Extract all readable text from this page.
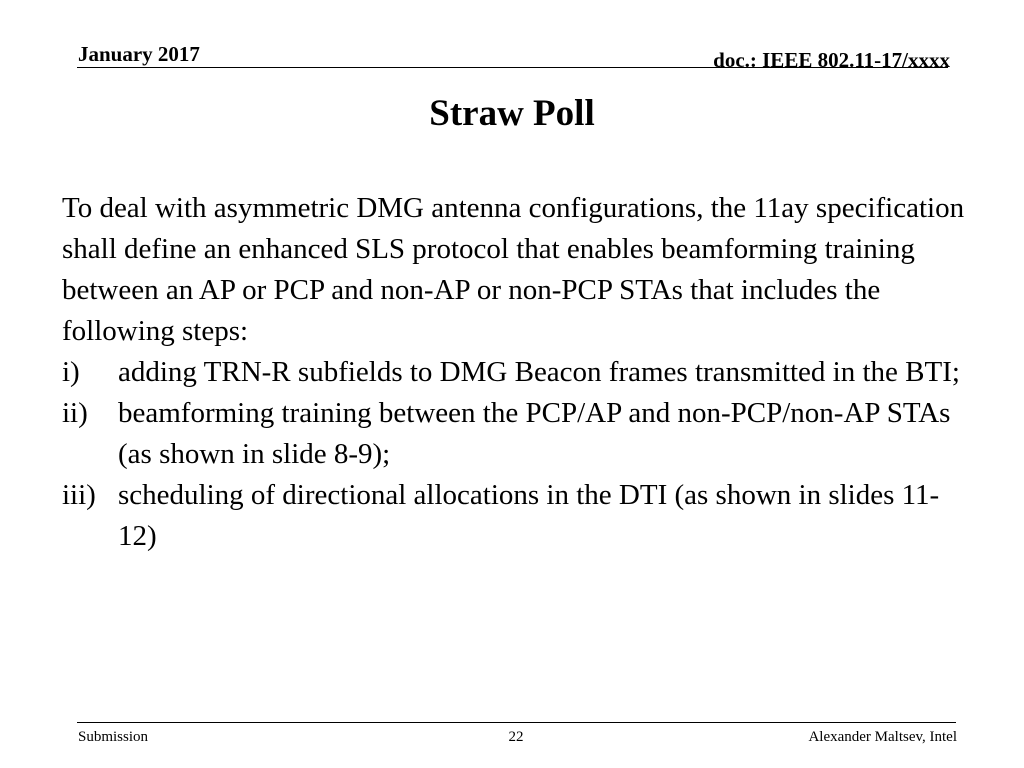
January 2017	doc.: IEEE 802.11-17/xxxx
Straw Poll

To deal with asymmetric DMG antenna configurations, the 11ay specification shall define an enhanced SLS protocol that enables beamforming training between an AP or PCP and non-AP or non-PCP STAs that includes the following steps:

i) adding TRN-R subfields to DMG Beacon frames transmitted in the BTI;
ii) beamforming training between the PCP/AP and non-PCP/non-AP STAs (as shown in slide 8-9);
iii) scheduling of directional allocations in the DTI (as shown in slides 11-12)
Submission	22	Alexander Maltsev, Intel
